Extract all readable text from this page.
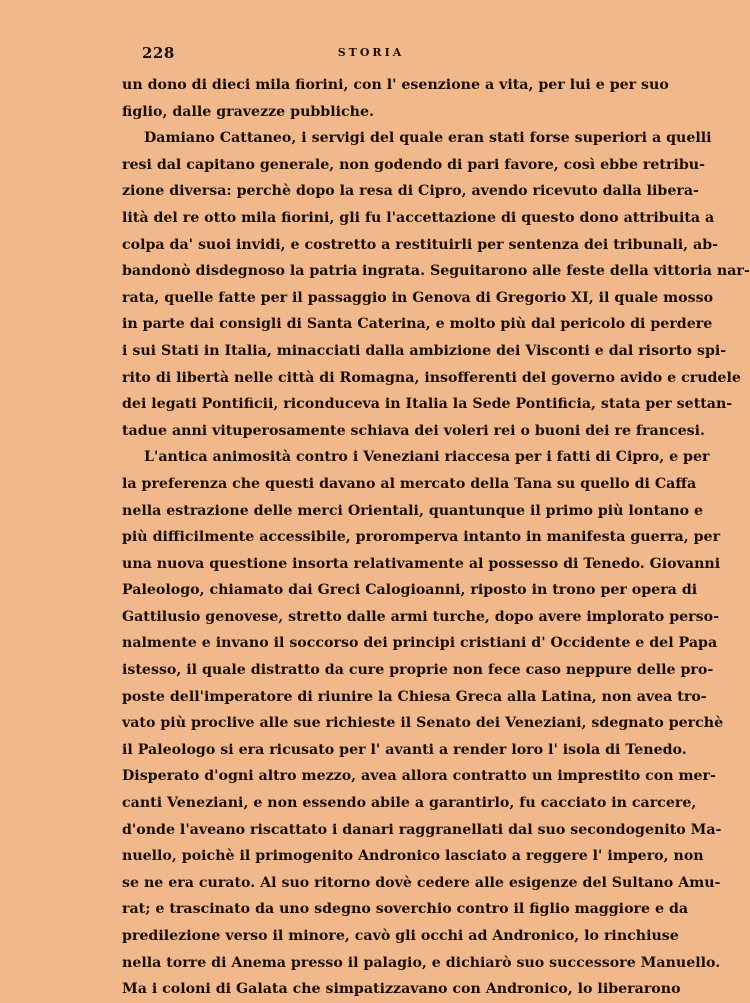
228	STORIA
un dono di dieci mila fiorini, con l' esenzione a vita, per lui e per suo
figlio, dalle gravezze pubbliche.
Damiano Cattaneo, i servigi del quale eran stati forse superiori a quelli
resi dal capitano generale, non godendo di pari favore, così ebbe retribu-
zione diversa: perchè dopo la resa di Cipro, avendo ricevuto dalla libera-
lità del re otto mila fiorini, gli fu l'accettazione di questo dono attribuita a
colpa da' suoi invidi, e costretto a restituirli per sentenza dei tribunali, ab-
bandonò disdegnoso la patria ingrata. Seguitarono alle feste della vittoria nar-
rata, quelle fatte per il passaggio in Genova di Gregorio XI, il quale mosso
in parte dai consigli di Santa Caterina, e molto più dal pericolo di perdere
i sui Stati in Italia, minacciati dalla ambizione dei Visconti e dal risorto spi-
rito di libertà nelle città di Romagna, insofferenti del governo avido e crudele
dei legati Pontificii, riconduceva in Italia la Sede Pontificia, stata per settan-
tadue anni vituperosamente schiava dei voleri rei o buoni dei re francesi.
L'antica animosità contro i Veneziani riaccesa per i fatti di Cipro, e per
la preferenza che questi davano al mercato della Tana su quello di Caffa
nella estrazione delle merci Orientali, quantunque il primo più lontano e
più difficilmente accessibile, proromperva intanto in manifesta guerra, per
una nuova questione insorta relativamente al possesso di Tenedo. Giovanni
Paleologo, chiamato dai Greci Calogioanni, riposto in trono per opera di
Gattilusio genovese, stretto dalle armi turche, dopo avere implorato perso-
nalmente e invano il soccorso dei principi cristiani d' Occidente e del Papa
istesso, il quale distratto da cure proprie non fece caso neppure delle pro-
poste dell'imperatore di riunire la Chiesa Greca alla Latina, non avea tro-
vato più proclive alle sue richieste il Senato dei Veneziani, sdegnato perchè
il Paleologo si era ricusato per l' avanti a render loro l' isola di Tenedo.
Disperato d'ogni altro mezzo, avea allora contratto un imprestito con mer-
canti Veneziani, e non essendo abile a garantirlo, fu cacciato in carcere,
d'onde l'aveano riscattato i danari raggranellati dal suo secondogenito Ma-
nuello, poichè il primogenito Andronico lasciato a reggere l' impero, non
se ne era curato. Al suo ritorno dovè cedere alle esigenze del Sultano Amu-
rat; e trascinato da uno sdegno soverchio contro il figlio maggiore e da
predilezione verso il minore, cavò gli occhi ad Andronico, lo rinchiuse
nella torre di Anema presso il palagio, e dichiarò suo successore Manuello.
Ma i coloni di Galata che simpatizzavano con Andronico, lo liberarono
